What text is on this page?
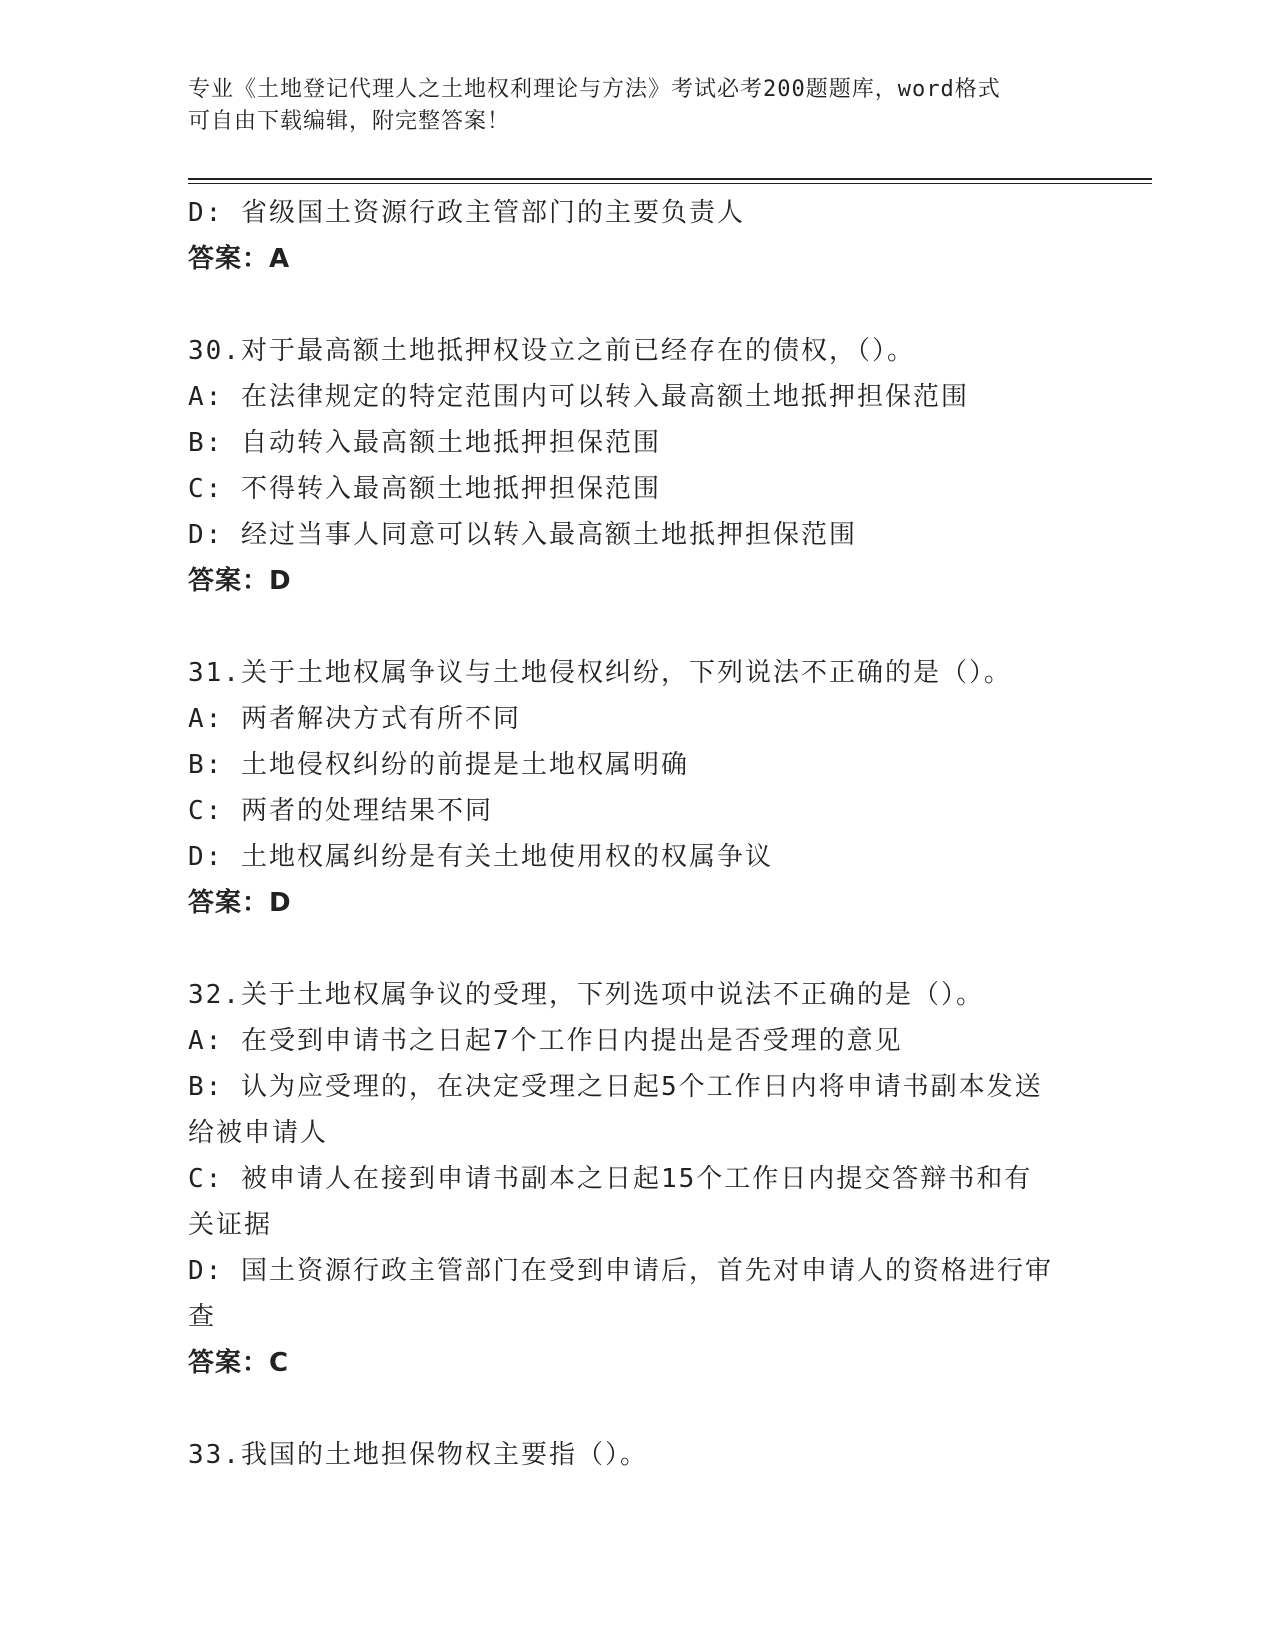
专业《土地登记代理人之土地权利理论与方法》考试必考200题题库，word格式

可自由下载编辑，附完整答案！

D: 省级国土资源行政主管部门的主要负责人

答案：A

30.对于最高额土地抵押权设立之前已经存在的债权，（）。

A: 在法律规定的特定范围内可以转入最高额土地抵押担保范围

B: 自动转入最高额土地抵押担保范围

C: 不得转入最高额土地抵押担保范围

D: 经过当事人同意可以转入最高额土地抵押担保范围

答案：D

31.关于土地权属争议与土地侵权纠纷，下列说法不正确的是（）。

A: 两者解决方式有所不同

B: 土地侵权纠纷的前提是土地权属明确

C: 两者的处理结果不同

D: 土地权属纠纷是有关土地使用权的权属争议

答案：D

32.关于土地权属争议的受理，下列选项中说法不正确的是（）。

A: 在受到申请书之日起7个工作日内提出是否受理的意见

B: 认为应受理的，在决定受理之日起5个工作日内将申请书副本发送

给被申请人

C: 被申请人在接到申请书副本之日起15个工作日内提交答辩书和有

关证据

D: 国土资源行政主管部门在受到申请后，首先对申请人的资格进行审

查

答案：C

33.我国的土地担保物权主要指（）。
